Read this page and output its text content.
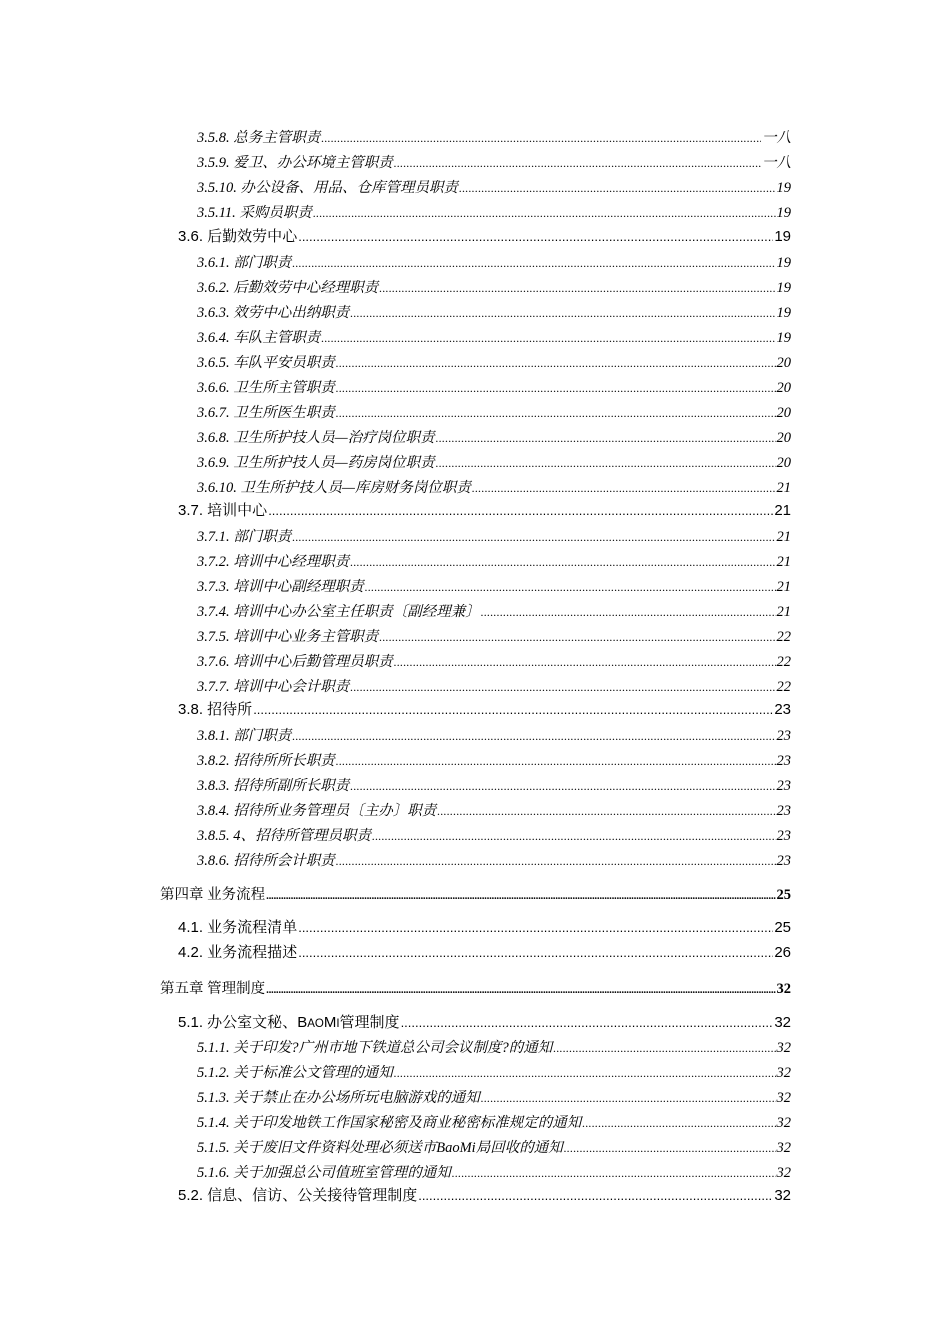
3.5.8. 总务主管职责 .....	一八
3.5.9. 爱卫、办公环境主管职责 .....	一八
3.5.10. 办公设备、用品、仓库管理员职责 .....	19
3.5.11. 采购员职责 .....	19
3.6. 后勤效劳中心 .....	19
3.6.1. 部门职责 .....	19
3.6.2. 后勤效劳中心经理职责 .....	19
3.6.3. 效劳中心出纳职责 .....	19
3.6.4. 车队主管职责 .....	19
3.6.5. 车队平安员职责 .....	20
3.6.6. 卫生所主管职责 .....	20
3.6.7. 卫生所医生职责 .....	20
3.6.8. 卫生所护技人员—治疗岗位职责 .....	20
3.6.9. 卫生所护技人员—药房岗位职责 .....	20
3.6.10. 卫生所护技人员—库房财务岗位职责 .....	21
3.7. 培训中心 .....	21
3.7.1. 部门职责 .....	21
3.7.2. 培训中心经理职责 .....	21
3.7.3. 培训中心副经理职责 .....	21
3.7.4. 培训中心办公室主任职责〔副经理兼〕 .....	21
3.7.5. 培训中心业务主管职责 .....	22
3.7.6. 培训中心后勤管理员职责 .....	22
3.7.7. 培训中心会计职责 .....	22
3.8. 招待所 .....	23
3.8.1. 部门职责 .....	23
3.8.2. 招待所所长职责 .....	23
3.8.3. 招待所副所长职责 .....	23
3.8.4. 招待所业务管理员〔主办〕职责 .....	23
3.8.5. 4、招待所管理员职责 .....	23
3.8.6. 招待所会计职责 .....	23
第四章 业务流程 .....	25
4.1. 业务流程清单 .....	25
4.2. 业务流程描述 .....	26
第五章 管理制度 .....	32
5.1. 办公室文秘、BAOMI管理制度 .....	32
5.1.1. 关于印发?广州市地下铁道总公司会议制度?的通知 .....	32
5.1.2. 关于标准公文管理的通知 .....	32
5.1.3. 关于禁止在办公场所玩电脑游戏的通知 .....	32
5.1.4. 关于印发地铁工作国家秘密及商业秘密标准规定的通知 .....	32
5.1.5. 关于废旧文件资料处理必须送市BaoMi局回收的通知 .....	32
5.1.6. 关于加强总公司值班室管理的通知 .....	32
5.2. 信息、信访、公关接待管理制度 .....	32
